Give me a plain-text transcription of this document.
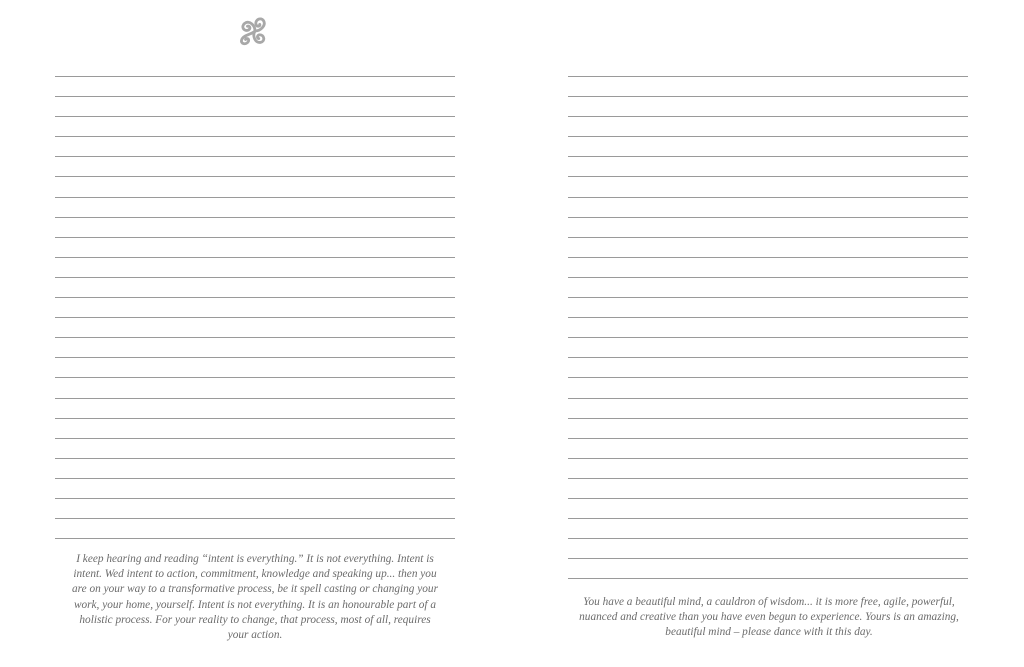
I keep hearing and reading “intent is everything.” It is not everything. Intent is intent. Wed intent to action, commitment, knowledge and speaking up... then you are on your way to a transformative process, be it spell casting or changing your work, your home, yourself. Intent is not everything. It is an honourable part of a holistic process. For your reality to change, that process, most of all, requires your action.

You have a beautiful mind, a cauldron of wisdom... it is more free, agile, powerful, nuanced and creative than you have even begun to experience. Yours is an amazing, beautiful mind – please dance with it this day.
